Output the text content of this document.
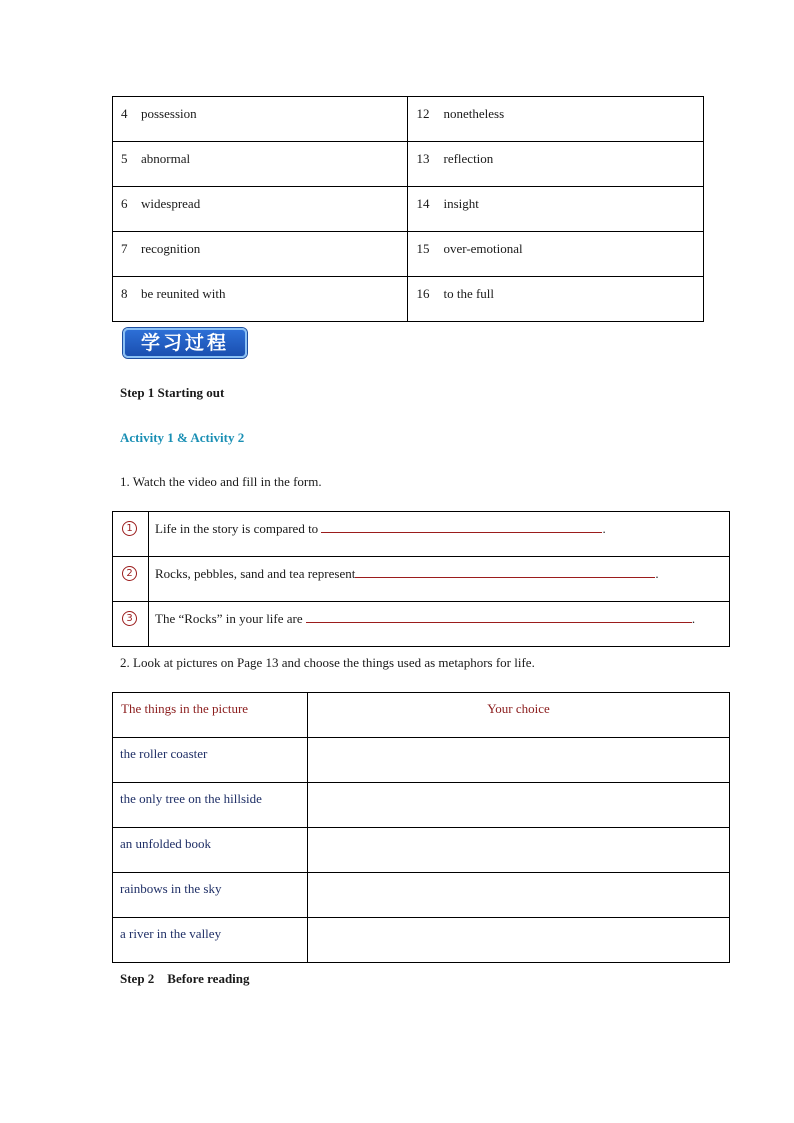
4 possession	12 nonetheless

5 abnormal	13 reflection

6 widespread	14 insight

7 recognition	15 over-emotional

8 be reunited with	16 to the full
学习过程
Step 1 Starting out
Activity 1 & Activity 2
1. Watch the video and fill in the form.
1	Life in the story is compared to .

2	Rocks, pebbles, sand and tea represent .

3	The “Rocks” in your life are .
2. Look at pictures on Page 13 and choose the things used as metaphors for life.
The things in the picture	Your choice

the roller coaster	

the only tree on the hillside	

an unfolded book	

rainbows in the sky	

a river in the valley	

Step 2    Before reading
